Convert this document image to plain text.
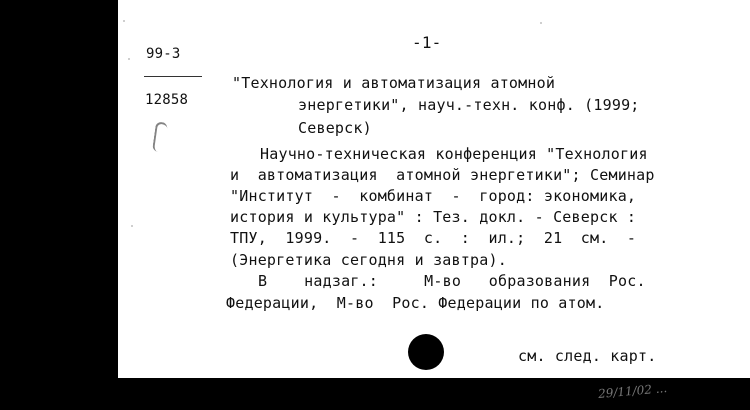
-1-
99-3
12858
"Технология и автоматизация атомной
энергетики", науч.-техн. конф. (1999;
Северск)
Научно-техническая конференция "Технология
и  автоматизация  атомной энергетики"; Семинар
"Институт  -  комбинат  -  город: экономика,
история и культура" : Тез. докл. - Северск :
ТПУ,  1999.  -  115  с.  :  ил.;  21  см.  -
(Энергетика сегодня и завтра).
В    надзаг.:     М-во   образования  Рос.
Федерации,  М-во  Рос. Федерации по атом.
см. след. карт.
29/11/02 ...
